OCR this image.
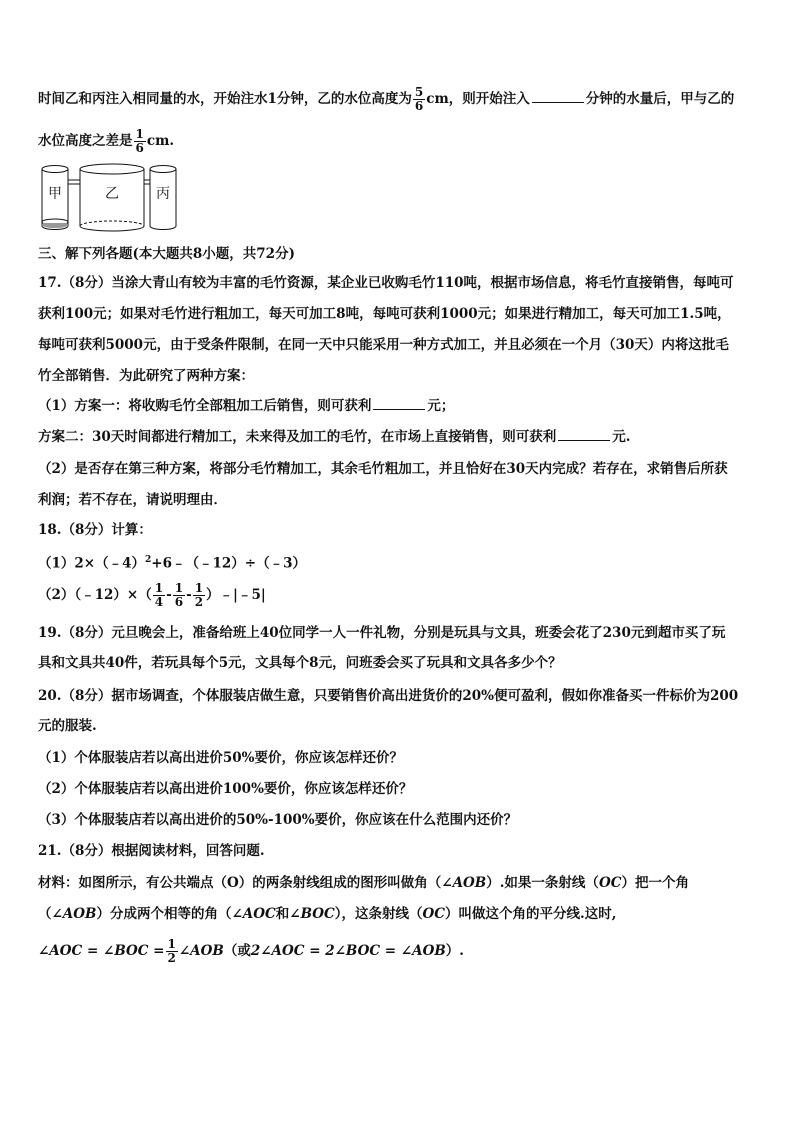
时间乙和丙注入相同量的水，开始注水1分钟，乙的水位高度为 $\frac{5}{6}$ cm，则开始注入	分钟的水量后，甲与乙的
水位高度之差是 $\frac{1}{6}$ cm.
甲	乙	丙
三、解下列各题(本大题共8小题，共72分)
17.（8分）当涂大青山有较为丰富的毛竹资源，某企业已收购毛竹110吨，根据市场信息，将毛竹直接销售，每吨可
获利100元；如果对毛竹进行粗加工，每天可加工8吨，每吨可获利1000元；如果进行精加工，每天可加工1.5吨，
每吨可获利5000元，由于受条件限制，在同一天中只能采用一种方式加工，并且必须在一个月（30天）内将这批毛
竹全部销售．为此研究了两种方案：
（1）方案一：将收购毛竹全部粗加工后销售，则可获利	元；
方案二：30天时间都进行精加工，未来得及加工的毛竹，在市场上直接销售，则可获利	元.
（2）是否存在第三种方案，将部分毛竹精加工，其余毛竹粗加工，并且恰好在30天内完成？若存在，求销售后所获
利润；若不存在，请说明理由．
18.（8分）计算：
（1）2×（﹣4）$^2$+6﹣（﹣12）÷（﹣3）
（2）（﹣12）×（ $\frac{1}{4} - \frac{1}{6} - \frac{1}{2}$ ）﹣|﹣5|
19.（8分）元旦晚会上，准备给班上40位同学一人一件礼物，分别是玩具与文具，班委会花了230元到超市买了玩
具和文具共40件，若玩具每个5元，文具每个8元，问班委会买了玩具和文具各多少个？
20.（8分）据市场调查，个体服装店做生意，只要销售价高出进货价的20%便可盈利，假如你准备买一件标价为200
元的服装.
（1）个体服装店若以高出进价50%要价，你应该怎样还价？
（2）个体服装店若以高出进价100%要价，你应该怎样还价？
（3）个体服装店若以高出进价的50%-100%要价，你应该在什么范围内还价？
21.（8分）根据阅读材料，回答问题.
材料：如图所示，有公共端点（O）的两条射线组成的图形叫做角（∠AOB）.如果一条射线（OC）把一个角
（∠AOB）分成两个相等的角（∠AOC和∠BOC），这条射线（OC）叫做这个角的平分线.这时,
∠AOC = ∠BOC = $\frac{1}{2}$ ∠AOB（或2∠AOC = 2∠BOC = ∠AOB）.
